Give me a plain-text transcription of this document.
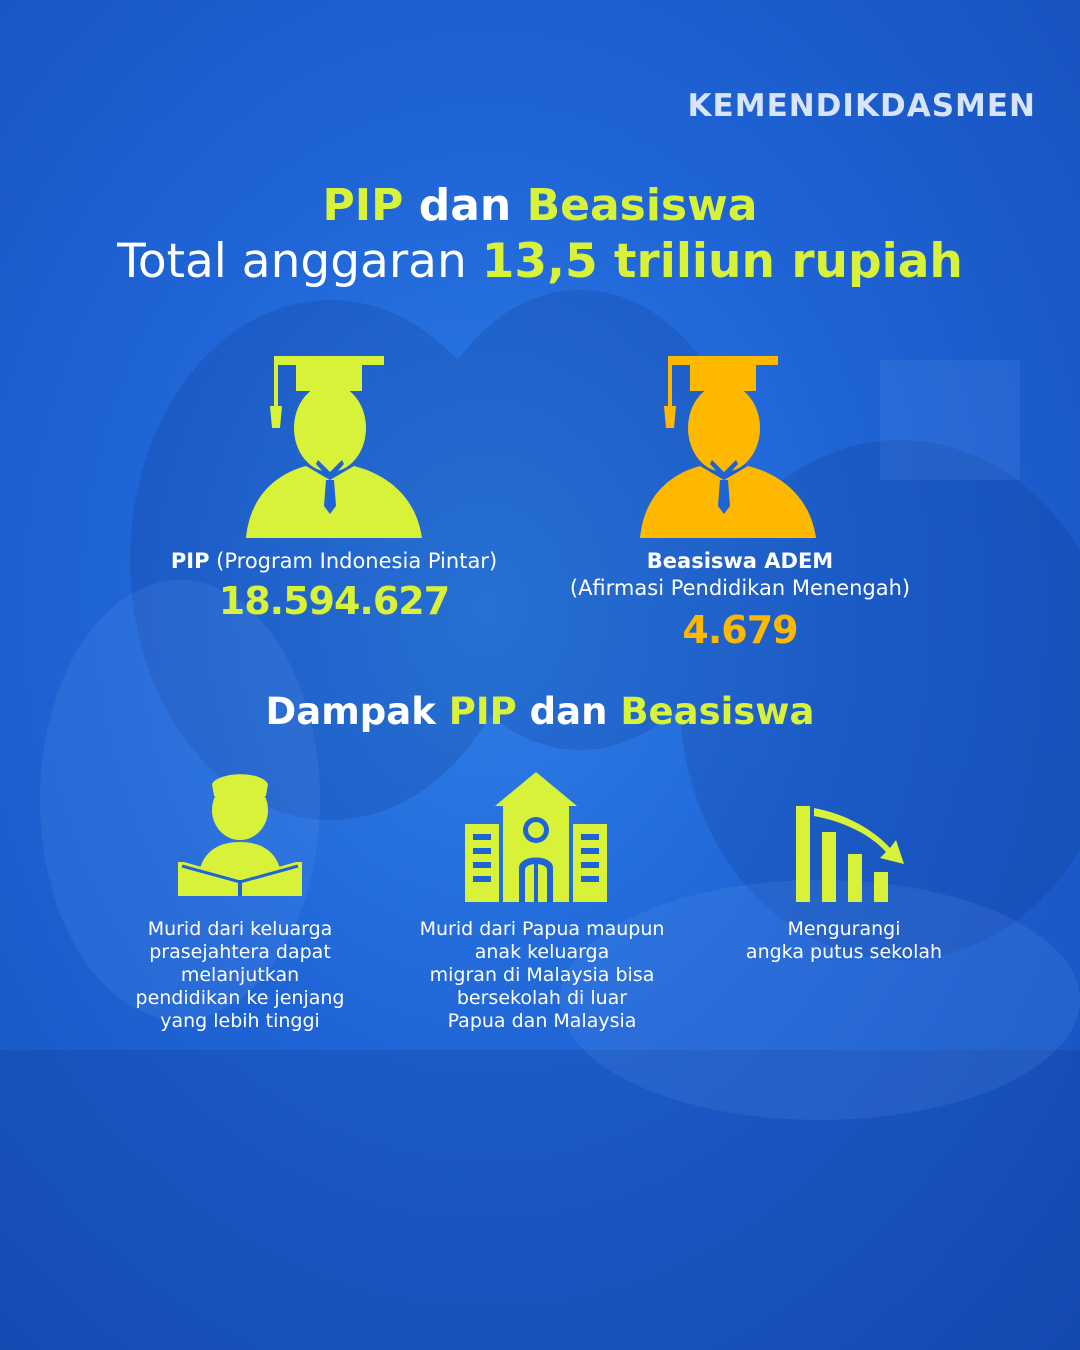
KEMENDIKDASMEN
PIP dan Beasiswa
Total anggaran 13,5 triliun rupiah
PIP (Program Indonesia Pintar)
18.594.627
Beasiswa ADEM
(Afirmasi Pendidikan Menengah)
4.679
Dampak PIP dan Beasiswa
Murid dari keluarga
prasejahtera dapat
melanjutkan
pendidikan ke jenjang
yang lebih tinggi
Murid dari Papua maupun
anak keluarga
migran di Malaysia bisa
bersekolah di luar
Papua dan Malaysia
Mengurangi
angka putus sekolah
